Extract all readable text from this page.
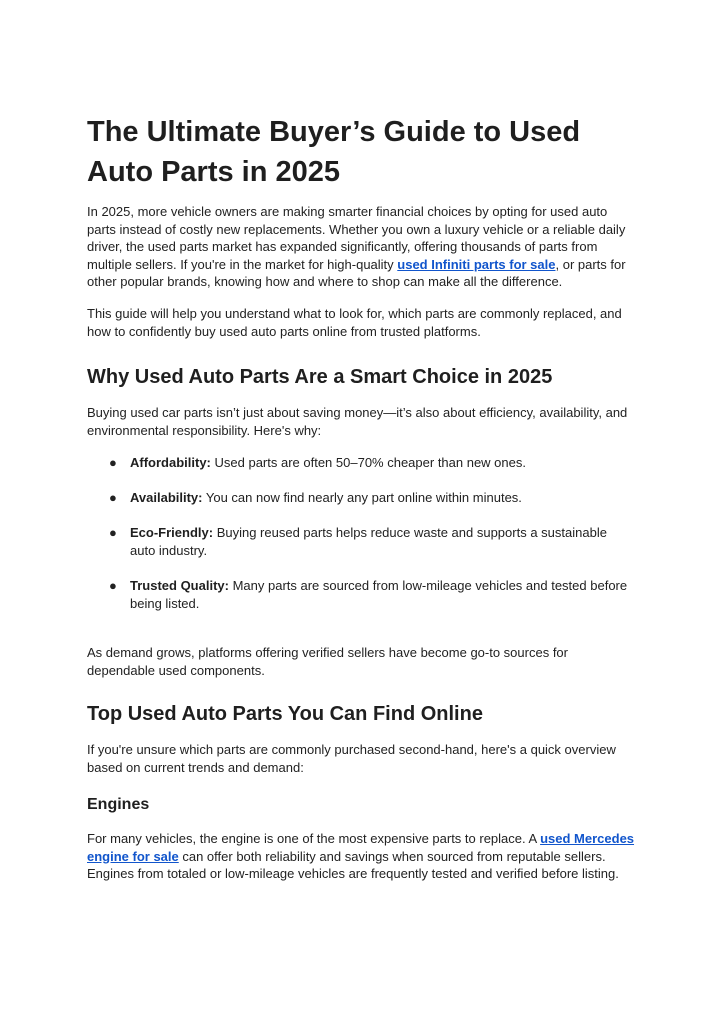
The Ultimate Buyer’s Guide to Used Auto Parts in 2025

In 2025, more vehicle owners are making smarter financial choices by opting for used auto parts instead of costly new replacements. Whether you own a luxury vehicle or a reliable daily driver, the used parts market has expanded significantly, offering thousands of parts from multiple sellers. If you're in the market for high-quality used Infiniti parts for sale, or parts for other popular brands, knowing how and where to shop can make all the difference.

This guide will help you understand what to look for, which parts are commonly replaced, and how to confidently buy used auto parts online from trusted platforms.

Why Used Auto Parts Are a Smart Choice in 2025

Buying used car parts isn’t just about saving money—it’s also about efficiency, availability, and environmental responsibility. Here's why:

● Affordability: Used parts are often 50–70% cheaper than new ones.
● Availability: You can now find nearly any part online within minutes.
● Eco-Friendly: Buying reused parts helps reduce waste and supports a sustainable auto industry.
● Trusted Quality: Many parts are sourced from low-mileage vehicles and tested before being listed.

As demand grows, platforms offering verified sellers have become go-to sources for dependable used components.

Top Used Auto Parts You Can Find Online

If you're unsure which parts are commonly purchased second-hand, here's a quick overview based on current trends and demand:

Engines

For many vehicles, the engine is one of the most expensive parts to replace. A used Mercedes engine for sale can offer both reliability and savings when sourced from reputable sellers. Engines from totaled or low-mileage vehicles are frequently tested and verified before listing.
